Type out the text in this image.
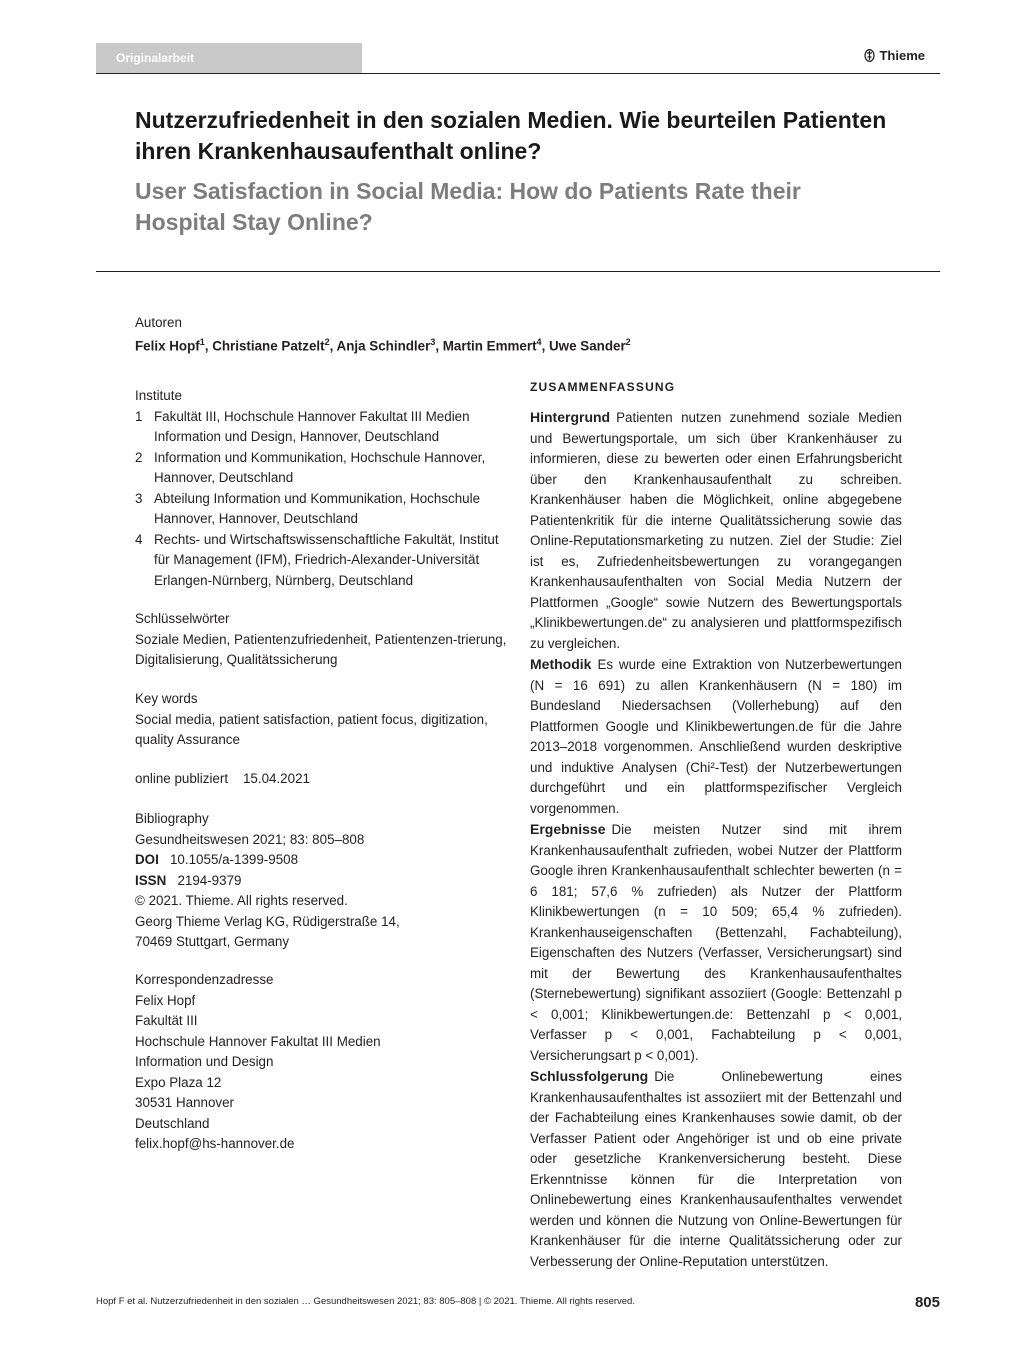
Originalarbeit	Thieme
Nutzerzufriedenheit in den sozialen Medien. Wie beurteilen Patienten ihren Krankenhausaufenthalt online?
User Satisfaction in Social Media: How do Patients Rate their Hospital Stay Online?
Autoren
Felix Hopf$^1$, Christiane Patzelt$^2$, Anja Schindler$^3$, Martin Emmert$^4$, Uwe Sander$^2$
Institute
1 Fakultät III, Hochschule Hannover Fakultat III Medien Information und Design, Hannover, Deutschland
2 Information und Kommunikation, Hochschule Hannover, Hannover, Deutschland
3 Abteilung Information und Kommunikation, Hochschule Hannover, Hannover, Deutschland
4 Rechts- und Wirtschaftswissenschaftliche Fakultät, Institut für Management (IFM), Friedrich-Alexander-Universität Erlangen-Nürnberg, Nürnberg, Deutschland
Schlüsselwörter
Soziale Medien, Patientenzufriedenheit, Patientenzen-trierung, Digitalisierung, Qualitätssicherung
Key words
Social media, patient satisfaction, patient focus, digitization, quality Assurance
online publiziert 15.04.2021
Bibliography
Gesundheitswesen 2021; 83: 805–808
DOI 10.1055/a-1399-9508
ISSN 2194-9379
© 2021. Thieme. All rights reserved.
Georg Thieme Verlag KG, Rüdigerstraße 14,
70469 Stuttgart, Germany
Korrespondenzadresse
Felix Hopf
Fakultät III
Hochschule Hannover Fakultat III Medien
Information und Design
Expo Plaza 12
30531 Hannover
Deutschland
felix.hopf@hs-hannover.de
ZUSAMMENFASSUNG

Hintergrund Patienten nutzen zunehmend soziale Medien und Bewertungsportale, um sich über Krankenhäuser zu informieren, diese zu bewerten oder einen Erfahrungsbericht über den Krankenhausaufenthalt zu schreiben. Krankenhäuser haben die Möglichkeit, online abgegebene Patientenkritik für die interne Qualitätssicherung sowie das Online-Reputationsmarketing zu nutzen. Ziel der Studie: Ziel ist es, Zufriedenheitsbewertungen zu vorangegangen Krankenhausaufenthalten von Social Media Nutzern der Plattformen „Google“ sowie Nutzern des Bewertungsportals „Klinikbewertungen.de“ zu analysieren und plattformspezifisch zu vergleichen.

Methodik Es wurde eine Extraktion von Nutzerbewertungen (N = 16 691) zu allen Krankenhäusern (N = 180) im Bundesland Niedersachsen (Vollerhebung) auf den Plattformen Google und Klinikbewertungen.de für die Jahre 2013–2018 vorgenommen. Anschließend wurden deskriptive und induktive Analysen (Chi²-Test) der Nutzerbewertungen durchgeführt und ein plattformspezifischer Vergleich vorgenommen.

Ergebnisse Die meisten Nutzer sind mit ihrem Krankenhausaufenthalt zufrieden, wobei Nutzer der Plattform Google ihren Krankenhausaufenthalt schlechter bewerten (n = 6 181; 57,6 % zufrieden) als Nutzer der Plattform Klinikbewertungen (n = 10 509; 65,4 % zufrieden). Krankenhauseigenschaften (Bettenzahl, Fachabteilung), Eigenschaften des Nutzers (Verfasser, Versicherungsart) sind mit der Bewertung des Krankenhausaufenthaltes (Sternebewertung) signifikant assoziiert (Google: Bettenzahl p < 0,001; Klinikbewertungen.de: Bettenzahl p < 0,001, Verfasser p < 0,001, Fachabteilung p < 0,001, Versicherungsart p < 0,001).

Schlussfolgerung Die Onlinebewertung eines Krankenhausaufenthaltes ist assoziiert mit der Bettenzahl und der Fachabteilung eines Krankenhauses sowie damit, ob der Verfasser Patient oder Angehöriger ist und ob eine private oder gesetzliche Krankenversicherung besteht. Diese Erkenntnisse können für die Interpretation von Onlinebewertung eines Krankenhausaufenthaltes verwendet werden und können die Nutzung von Online-Bewertungen für Krankenhäuser für die interne Qualitätssicherung oder zur Verbesserung der Online-Reputation unterstützen.

Hopf F et al. Nutzerzufriedenheit in den sozialen … Gesundheitswesen 2021; 83: 805–808 | © 2021. Thieme. All rights reserved.	805
